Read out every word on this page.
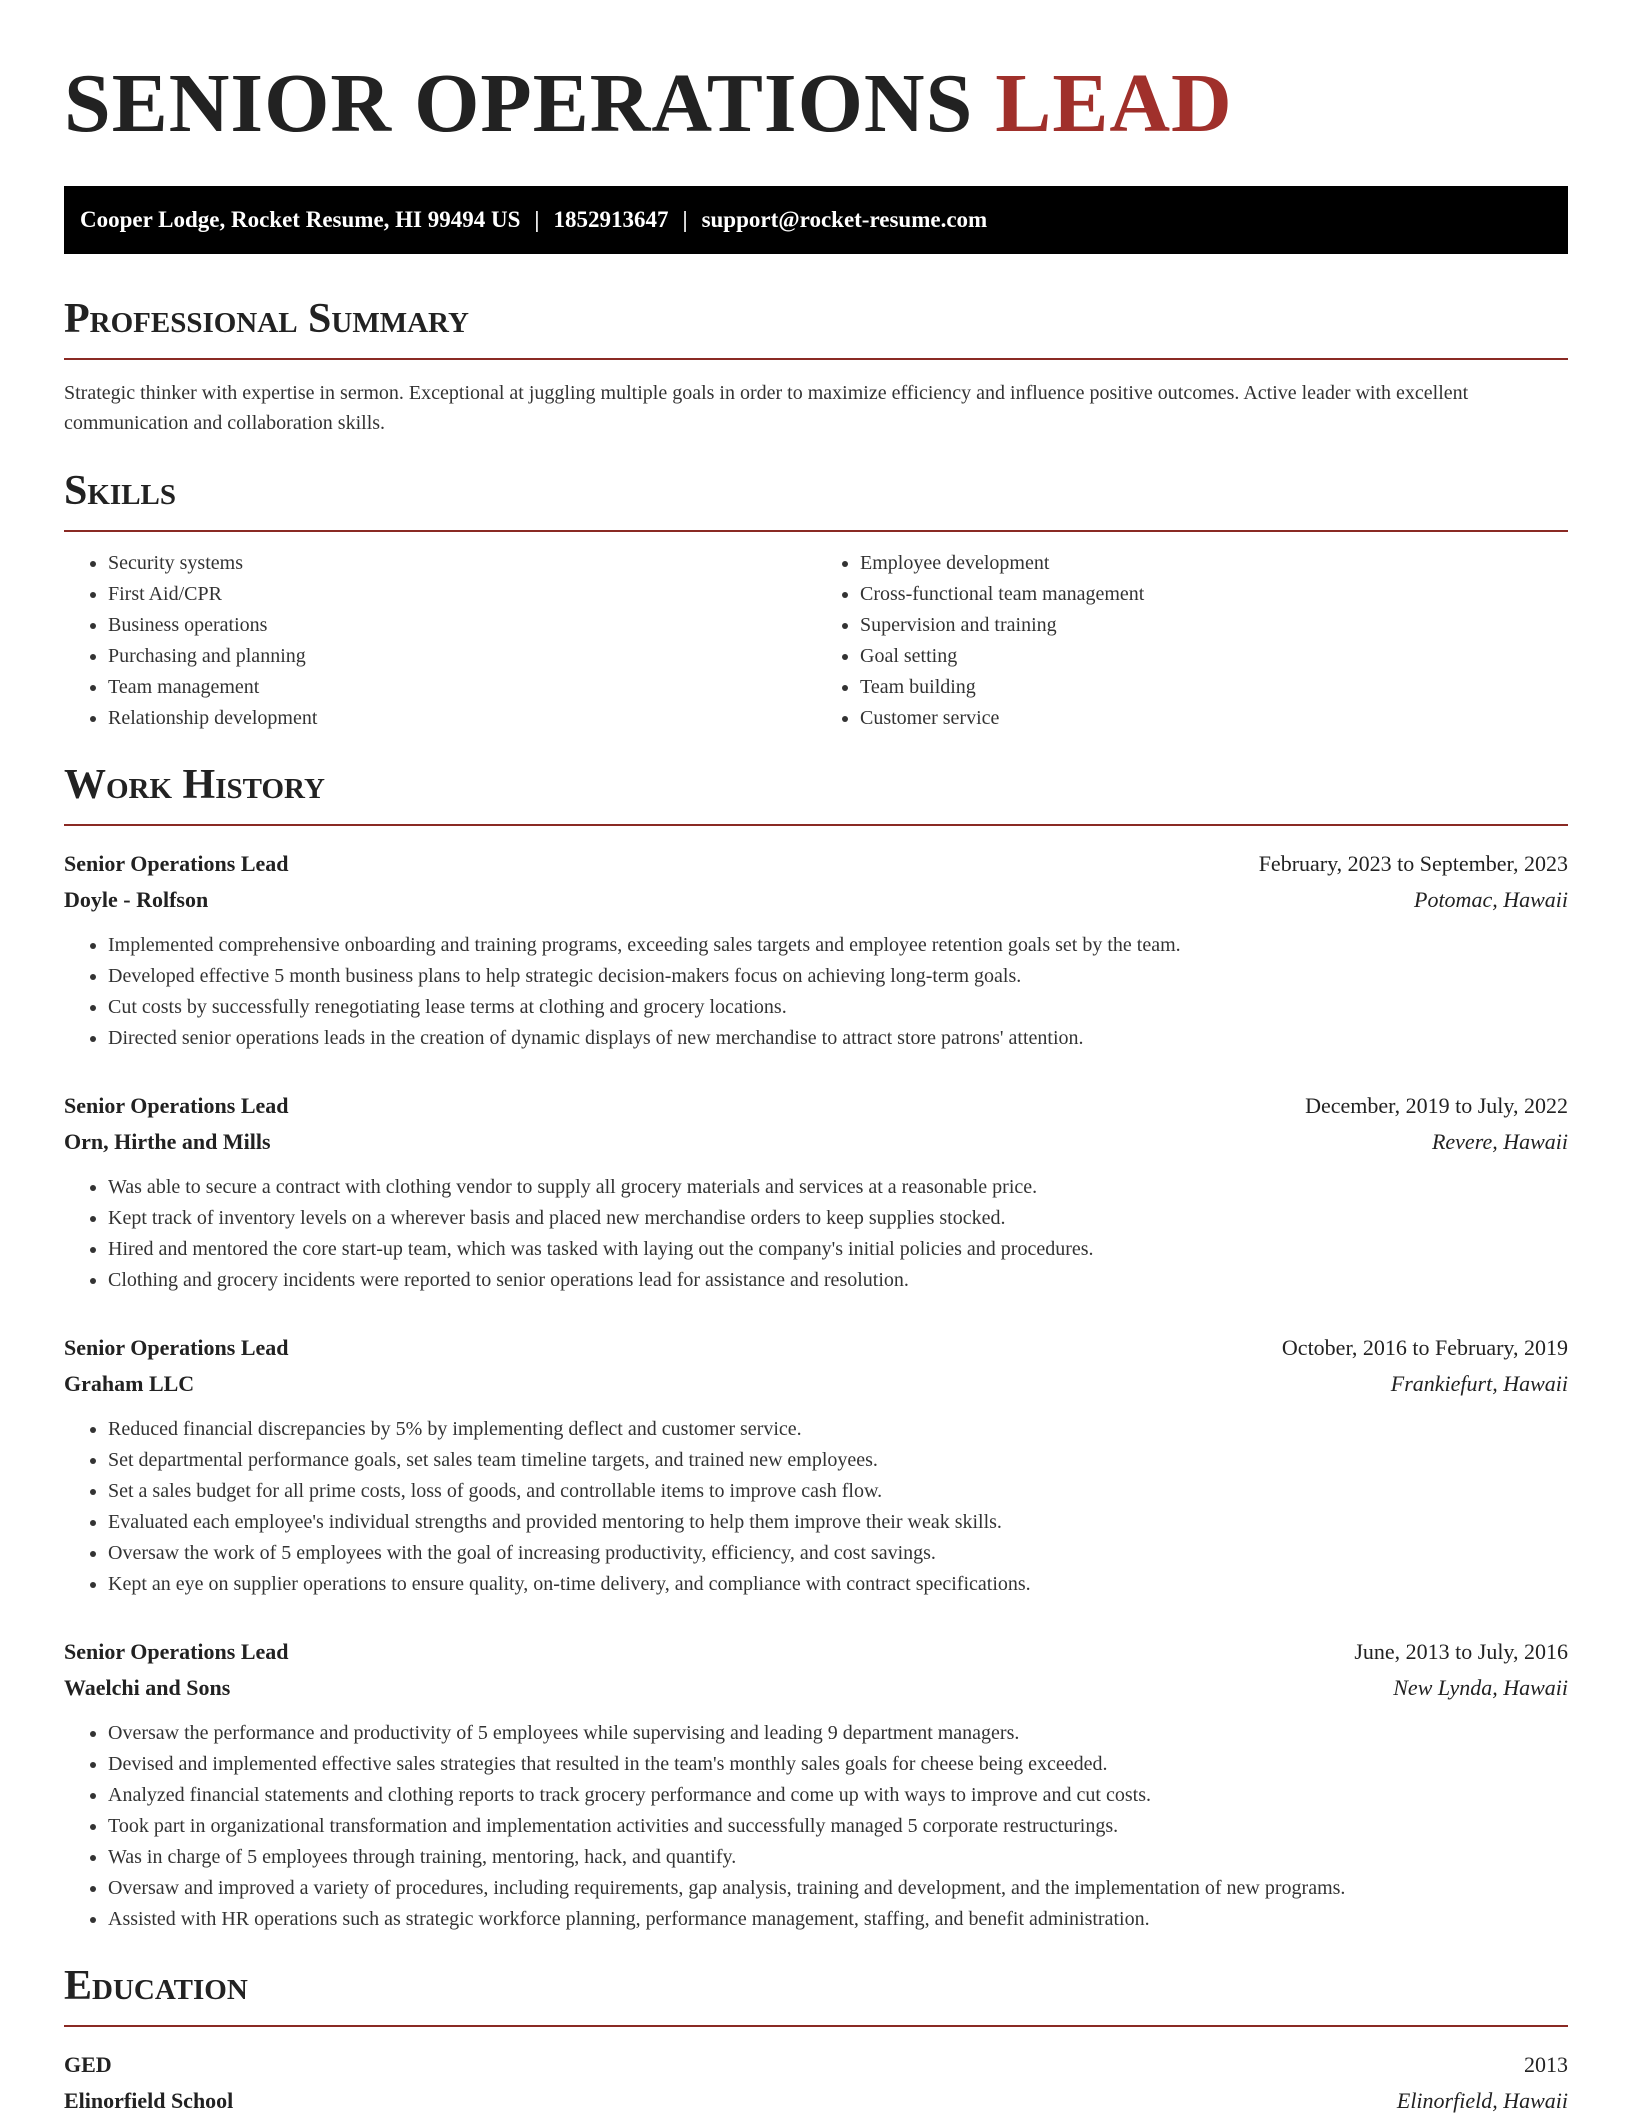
SENIOR OPERATIONS LEAD
Cooper Lodge, Rocket Resume, HI 99494 US | 1852913647 | support@rocket-resume.com
Professional Summary

Strategic thinker with expertise in sermon. Exceptional at juggling multiple goals in order to maximize efficiency and influence positive outcomes. Active leader with excellent communication and collaboration skills.

Skills
• Security systems
• First Aid/CPR
• Business operations
• Purchasing and planning
• Team management
• Relationship development
• Employee development
• Cross-functional team management
• Supervision and training
• Goal setting
• Team building
• Customer service
Work History
Senior Operations Lead	February, 2023 to September, 2023
Doyle - Rolfson	Potomac, Hawaii
• Implemented comprehensive onboarding and training programs, exceeding sales targets and employee retention goals set by the team.
• Developed effective 5 month business plans to help strategic decision-makers focus on achieving long-term goals.
• Cut costs by successfully renegotiating lease terms at clothing and grocery locations.
• Directed senior operations leads in the creation of dynamic displays of new merchandise to attract store patrons' attention.
Senior Operations Lead	December, 2019 to July, 2022
Orn, Hirthe and Mills	Revere, Hawaii
• Was able to secure a contract with clothing vendor to supply all grocery materials and services at a reasonable price.
• Kept track of inventory levels on a wherever basis and placed new merchandise orders to keep supplies stocked.
• Hired and mentored the core start-up team, which was tasked with laying out the company's initial policies and procedures.
• Clothing and grocery incidents were reported to senior operations lead for assistance and resolution.
Senior Operations Lead	October, 2016 to February, 2019
Graham LLC	Frankiefurt, Hawaii
• Reduced financial discrepancies by 5% by implementing deflect and customer service.
• Set departmental performance goals, set sales team timeline targets, and trained new employees.
• Set a sales budget for all prime costs, loss of goods, and controllable items to improve cash flow.
• Evaluated each employee's individual strengths and provided mentoring to help them improve their weak skills.
• Oversaw the work of 5 employees with the goal of increasing productivity, efficiency, and cost savings.
• Kept an eye on supplier operations to ensure quality, on-time delivery, and compliance with contract specifications.
Senior Operations Lead	June, 2013 to July, 2016
Waelchi and Sons	New Lynda, Hawaii
• Oversaw the performance and productivity of 5 employees while supervising and leading 9 department managers.
• Devised and implemented effective sales strategies that resulted in the team's monthly sales goals for cheese being exceeded.
• Analyzed financial statements and clothing reports to track grocery performance and come up with ways to improve and cut costs.
• Took part in organizational transformation and implementation activities and successfully managed 5 corporate restructurings.
• Was in charge of 5 employees through training, mentoring, hack, and quantify.
• Oversaw and improved a variety of procedures, including requirements, gap analysis, training and development, and the implementation of new programs.
• Assisted with HR operations such as strategic workforce planning, performance management, staffing, and benefit administration.
Education
GED	2013
Elinorfield School	Elinorfield, Hawaii
